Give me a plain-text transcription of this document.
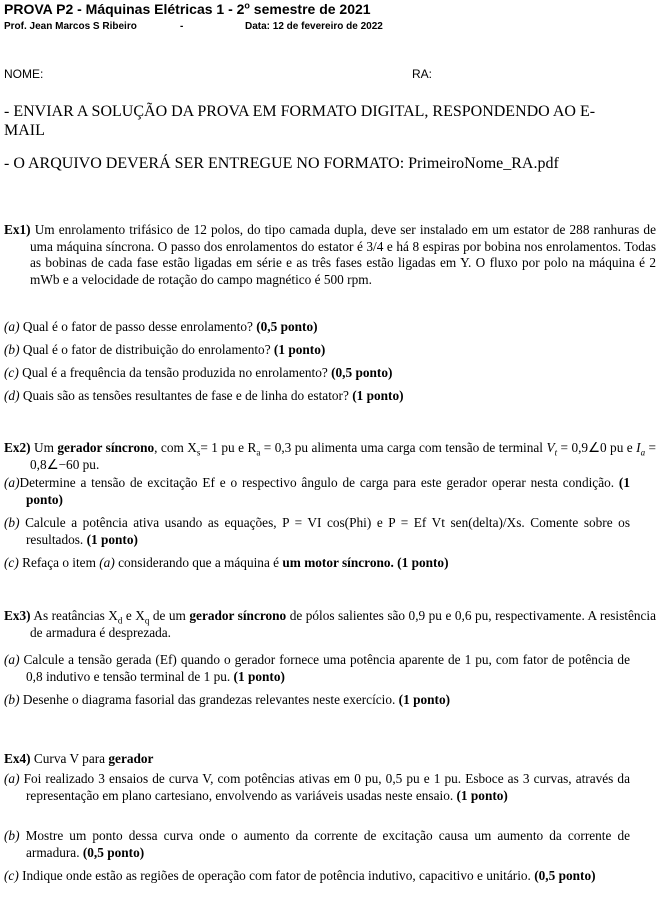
PROVA P2 - Máquinas Elétricas 1 - 2$^o$ semestre de 2021
Prof. Jean Marcos S Ribeiro	-	Data: 12 de fevereiro de 2022
NOME:	RA:
- ENVIAR A SOLUÇÃO DA PROVA EM FORMATO DIGITAL, RESPONDENDO AO E-MAIL
- O ARQUIVO DEVERÁ SER ENTREGUE NO FORMATO: PrimeiroNome_RA.pdf
Ex1) Um enrolamento trifásico de 12 polos, do tipo camada dupla, deve ser instalado em um estator de 288 ranhuras de uma máquina síncrona. O passo dos enrolamentos do estator é 3/4 e há 8 espiras por bobina nos enrolamentos. Todas as bobinas de cada fase estão ligadas em série e as três fases estão ligadas em Y. O fluxo por polo na máquina é 2 mWb e a velocidade de rotação do campo magnético é 500 rpm.
(a) Qual é o fator de passo desse enrolamento? (0,5 ponto)
(b) Qual é o fator de distribuição do enrolamento? (1 ponto)
(c) Qual é a frequência da tensão produzida no enrolamento? (0,5 ponto)
(d) Quais são as tensões resultantes de fase e de linha do estator? (1 ponto)
Ex2) Um gerador síncrono, com $X_s= 1$ pu e $R_a = 0,3$ pu alimenta uma carga com tensão de terminal $V_t$ = 0,9∠0 pu e $I_a$ = 0,8∠−60 pu.
(a)Determine a tensão de excitação Ef e o respectivo ângulo de carga para este gerador operar nesta condição. (1 ponto)
(b) Calcule a potência ativa usando as equações, P = VI cos(Phi) e P = Ef Vt sen(delta)/Xs. Comente sobre os resultados. (1 ponto)
(c) Refaça o item (a) considerando que a máquina é um motor síncrono. (1 ponto)
Ex3) As reatâncias $X_d$ e $X_q$ de um gerador síncrono de pólos salientes são 0,9 pu e 0,6 pu, respectivamente. A resistência de armadura é desprezada.
(a) Calcule a tensão gerada (Ef) quando o gerador fornece uma potência aparente de 1 pu, com fator de potência de 0,8 indutivo e tensão terminal de 1 pu. (1 ponto)
(b) Desenhe o diagrama fasorial das grandezas relevantes neste exercício. (1 ponto)
Ex4) Curva V para gerador
(a) Foi realizado 3 ensaios de curva V, com potências ativas em 0 pu, 0,5 pu e 1 pu. Esboce as 3 curvas, através da representação em plano cartesiano, envolvendo as variáveis usadas neste ensaio. (1 ponto)
(b) Mostre um ponto dessa curva onde o aumento da corrente de excitação causa um aumento da corrente de armadura. (0,5 ponto)
(c) Indique onde estão as regiões de operação com fator de potência indutivo, capacitivo e unitário. (0,5 ponto)
